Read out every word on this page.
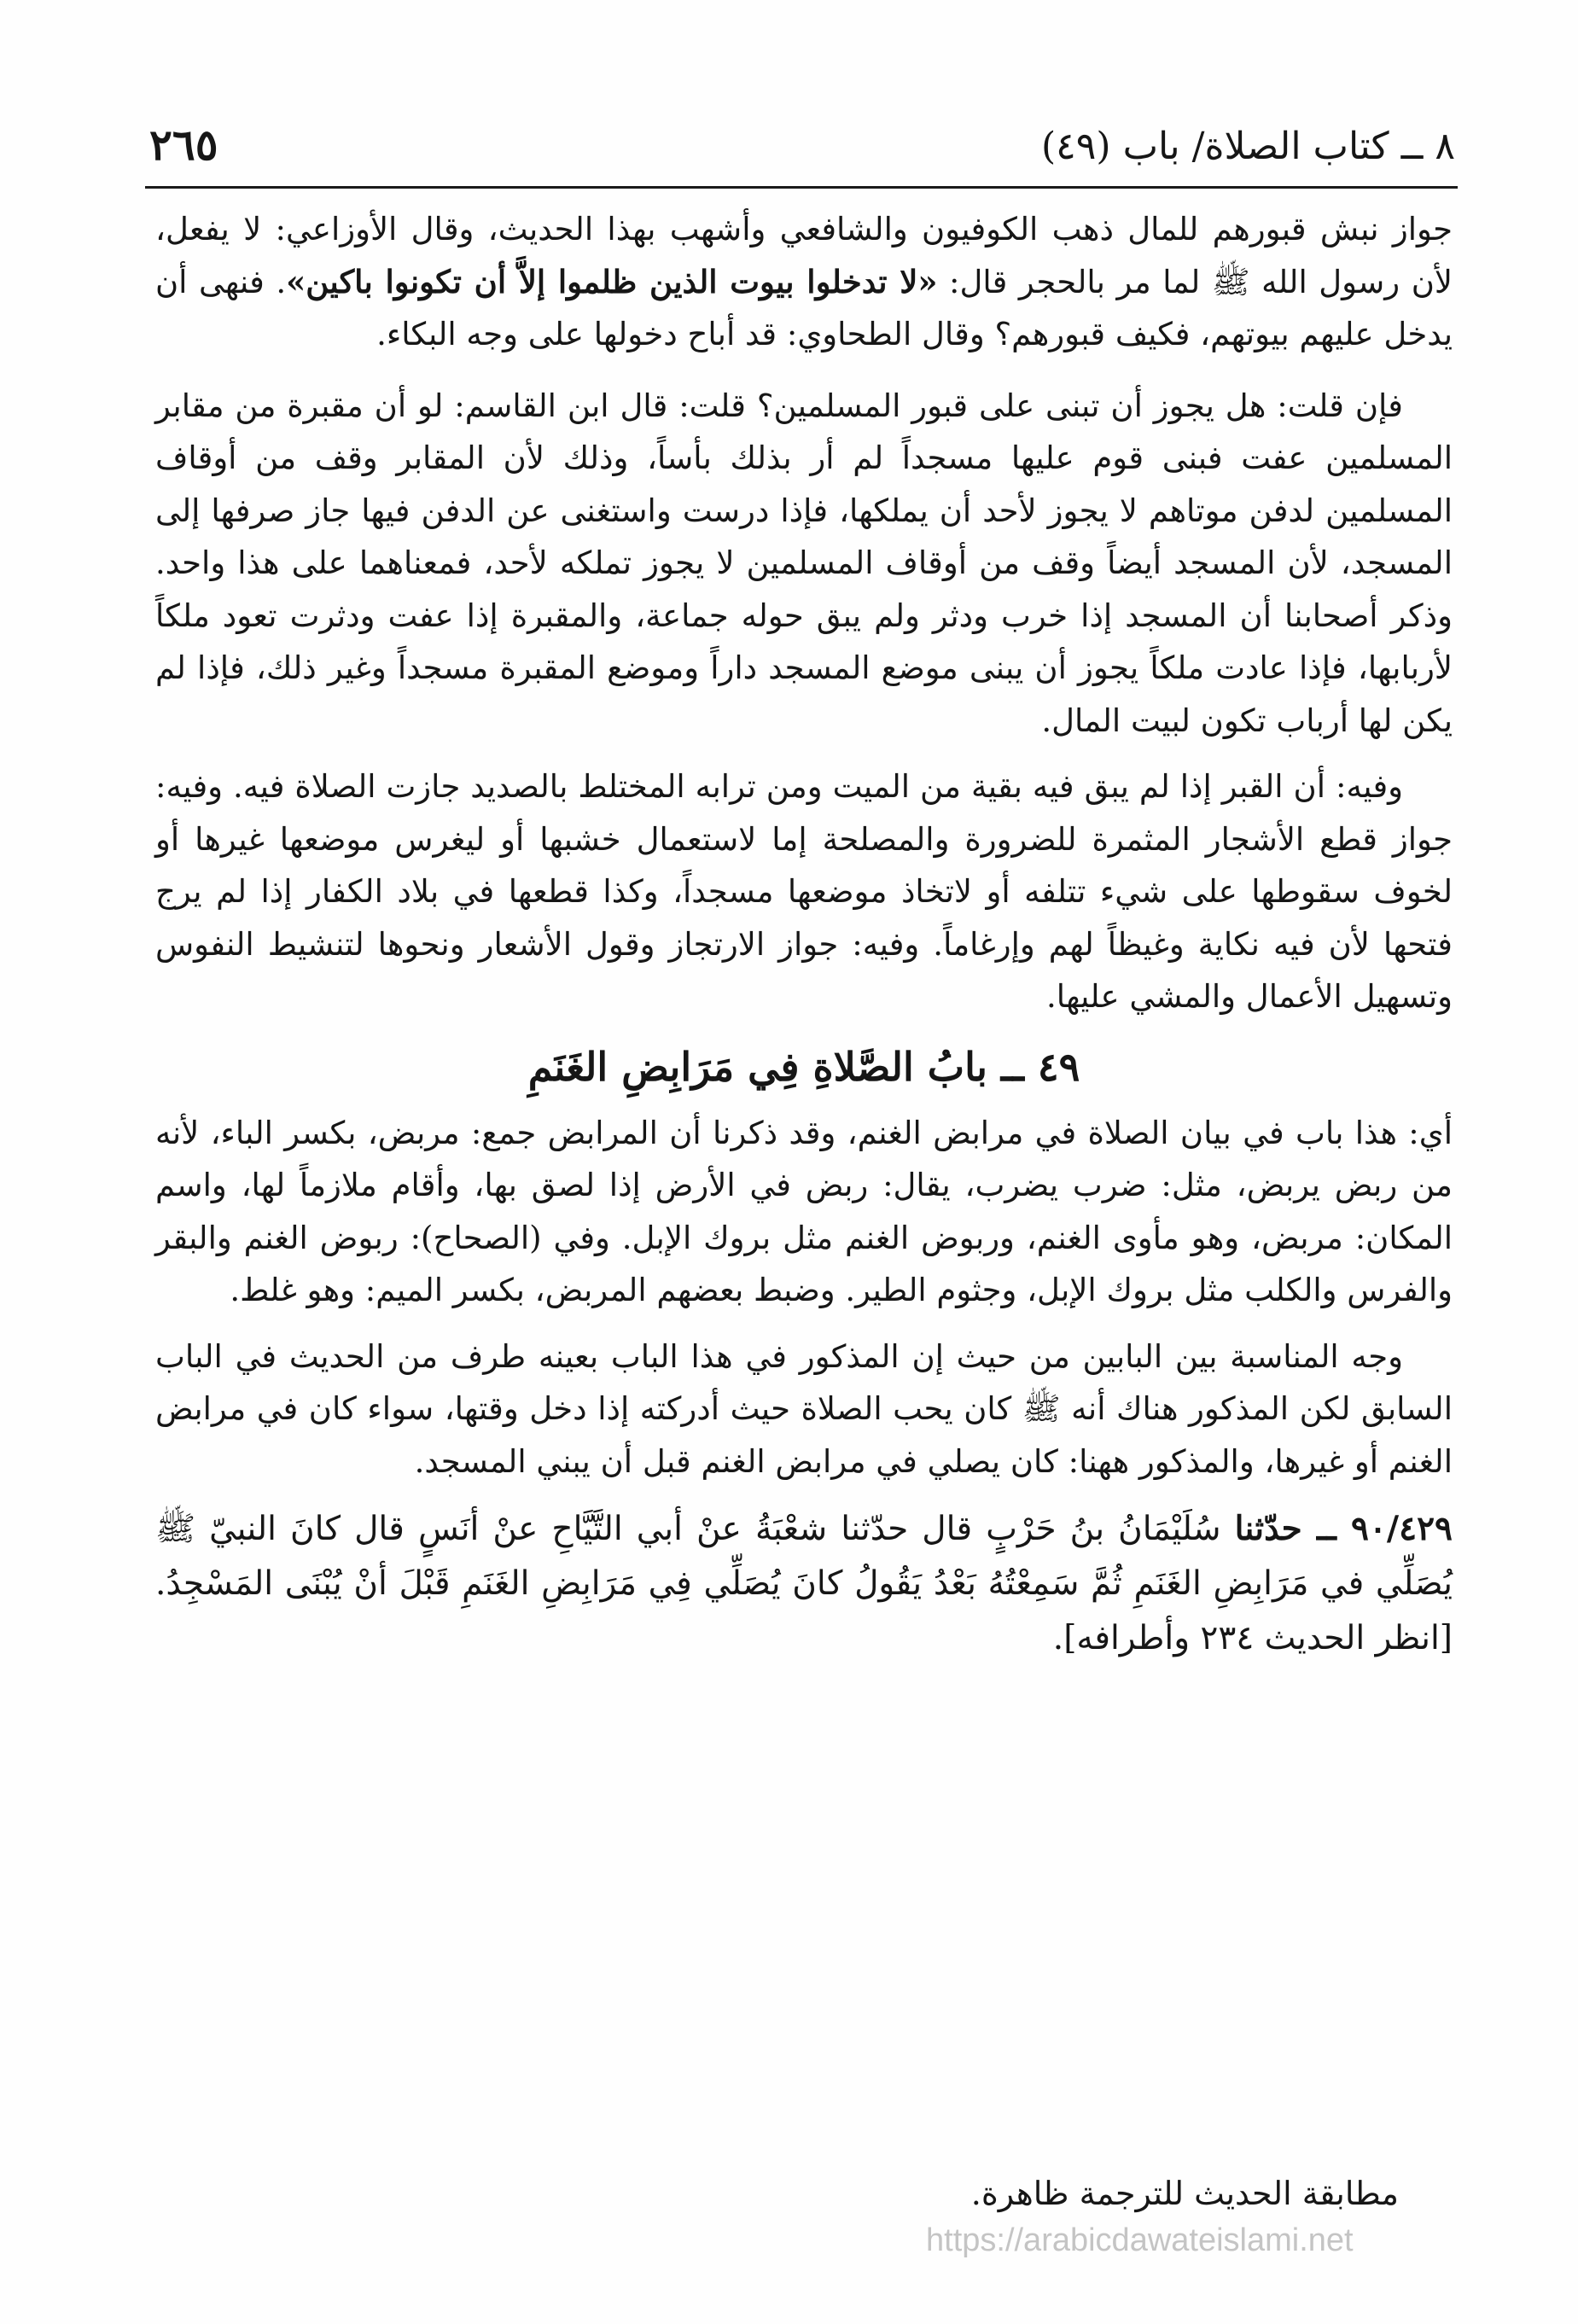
٨ ــ كتاب الصلاة/ باب (٤٩)
٢٦٥

جواز نبش قبورهم للمال ذهب الكوفيون والشافعي وأشهب بهذا الحديث، وقال الأوزاعي: لا يفعل، لأن رسول الله ﷺ لما مر بالحجر قال: «لا تدخلوا بيوت الذين ظلموا إلاَّ أن تكونوا باكين». فنهى أن يدخل عليهم بيوتهم، فكيف قبورهم؟ وقال الطحاوي: قد أباح دخولها على وجه البكاء.

فإن قلت: هل يجوز أن تبنى على قبور المسلمين؟ قلت: قال ابن القاسم: لو أن مقبرة من مقابر المسلمين عفت فبنى قوم عليها مسجداً لم أر بذلك بأساً، وذلك لأن المقابر وقف من أوقاف المسلمين لدفن موتاهم لا يجوز لأحد أن يملكها، فإذا درست واستغنى عن الدفن فيها جاز صرفها إلى المسجد، لأن المسجد أيضاً وقف من أوقاف المسلمين لا يجوز تملكه لأحد، فمعناهما على هذا واحد. وذكر أصحابنا أن المسجد إذا خرب ودثر ولم يبق حوله جماعة، والمقبرة إذا عفت ودثرت تعود ملكاً لأربابها، فإذا عادت ملكاً يجوز أن يبنى موضع المسجد داراً وموضع المقبرة مسجداً وغير ذلك، فإذا لم يكن لها أرباب تكون لبيت المال.

وفيه: أن القبر إذا لم يبق فيه بقية من الميت ومن ترابه المختلط بالصديد جازت الصلاة فيه. وفيه: جواز قطع الأشجار المثمرة للضرورة والمصلحة إما لاستعمال خشبها أو ليغرس موضعها غيرها أو لخوف سقوطها على شيء تتلفه أو لاتخاذ موضعها مسجداً، وكذا قطعها في بلاد الكفار إذا لم يرج فتحها لأن فيه نكاية وغيظاً لهم وإرغاماً. وفيه: جواز الارتجاز وقول الأشعار ونحوها لتنشيط النفوس وتسهيل الأعمال والمشي عليها.

٤٩ ــ بابُ الصَّلاةِ فِي مَرَابِضِ الغَنَمِ

أي: هذا باب في بيان الصلاة في مرابض الغنم، وقد ذكرنا أن المرابض جمع: مربض، بكسر الباء، لأنه من ربض يربض، مثل: ضرب يضرب، يقال: ربض في الأرض إذا لصق بها، وأقام ملازماً لها، واسم المكان: مربض، وهو مأوى الغنم، وربوض الغنم مثل بروك الإبل. وفي (الصحاح): ربوض الغنم والبقر والفرس والكلب مثل بروك الإبل، وجثوم الطير. وضبط بعضهم المربض، بكسر الميم: وهو غلط.

وجه المناسبة بين البابين من حيث إن المذكور في هذا الباب بعينه طرف من الحديث في الباب السابق لكن المذكور هناك أنه ﷺ كان يحب الصلاة حيث أدركته إذا دخل وقتها، سواء كان في مرابض الغنم أو غيرها، والمذكور ههنا: كان يصلي في مرابض الغنم قبل أن يبني المسجد.

٩٠/٤٢٩ ــ حدّثنا سُلَيْمَانُ بنُ حَرْبٍ قال حدّثنا شعْبَةُ عنْ أبي التَّيَّاحِ عنْ أنَسٍ قال كانَ النبيّ ﷺ يُصَلِّي في مَرَابِضِ الغَنَمِ ثُمَّ سَمِعْتُهُ بَعْدُ يَقُولُ كانَ يُصَلِّي فِي مَرَابِضِ الغَنَمِ قَبْلَ أنْ يُبْنَى المَسْجِدُ. [انظر الحديث ٢٣٤ وأطرافه].

مطابقة الحديث للترجمة ظاهرة.
https://arabicdawateislami.net
